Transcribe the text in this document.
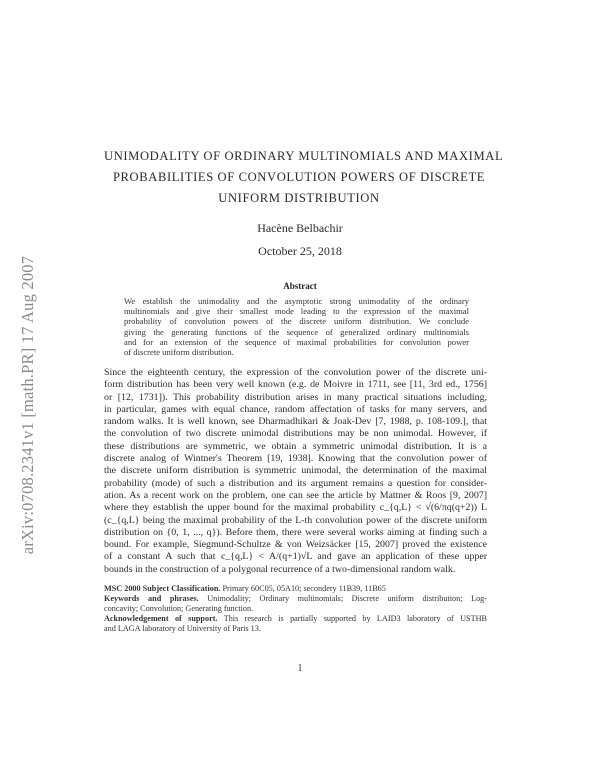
arXiv:0708.2341v1 [math.PR] 17 Aug 2007
UNIMODALITY OF ORDINARY MULTINOMIALS AND MAXIMAL
PROBABILITIES OF CONVOLUTION POWERS OF DISCRETE
UNIFORM DISTRIBUTION
Hacène Belbachir
October 25, 2018
Abstract
We establish the unimodality and the asymptotic strong unimodality of the ordinary
multinomials and give their smallest mode leading to the expression of the maximal
probability of convolution powers of the discrete uniform distribution. We conclude
giving the generating functions of the sequence of generalized ordinary multinomials
and for an extension of the sequence of maximal probabilities for convolution power
of discrete uniform distribution.
Since the eighteenth century, the expression of the convolution power of the discrete uni-
form distribution has been very well known (e.g. de Moivre in 1711, see [11, 3rd ed., 1756]
or [12, 1731]). This probability distribution arises in many practical situations including,
in particular, games with equal chance, random affectation of tasks for many servers, and
random walks. It is well known, see Dharmadhikari & Joak-Dev [7, 1988, p. 108-109.], that
the convolution of two discrete unimodal distributions may be non unimodal. However, if
these distributions are symmetric, we obtain a symmetric unimodal distribution. It is a
discrete analog of Wintner's Theorem [19, 1938]. Knowing that the convolution power of
the discrete uniform distribution is symmetric unimodal, the determination of the maximal
probability (mode) of such a distribution and its argument remains a question for consider-
ation. As a recent work on the problem, one can see the article by Mattner & Roos [9, 2007]
where they establish the upper bound for the maximal probability c_{q,L} < √(6/πq(q+2)) L
(c_{q,L} being the maximal probability of the L-th convolution power of the discrete uniform
distribution on {0, 1, ..., q}). Before them, there were several works aiming at finding such a
bound. For example, Siegmund-Schultze & von Weizsäcker [15, 2007] proved the existence
of a constant A such that c_{q,L} < A/(q+1)√L and gave an application of these upper
bounds in the construction of a polygonal recurrence of a two-dimensional random walk.
MSC 2000 Subject Classification. Primary 60C05, 05A10; secondery 11B39, 11B65
Keywords and phrases. Unimodality; Ordinary multinomials; Discrete uniform distribution; Log-
concavity; Convolution; Generating function.
Acknowledgement of support. This research is partially supported by LAID3 laboratory of USTHB
and LAGA laboratory of University of Paris 13.
1
